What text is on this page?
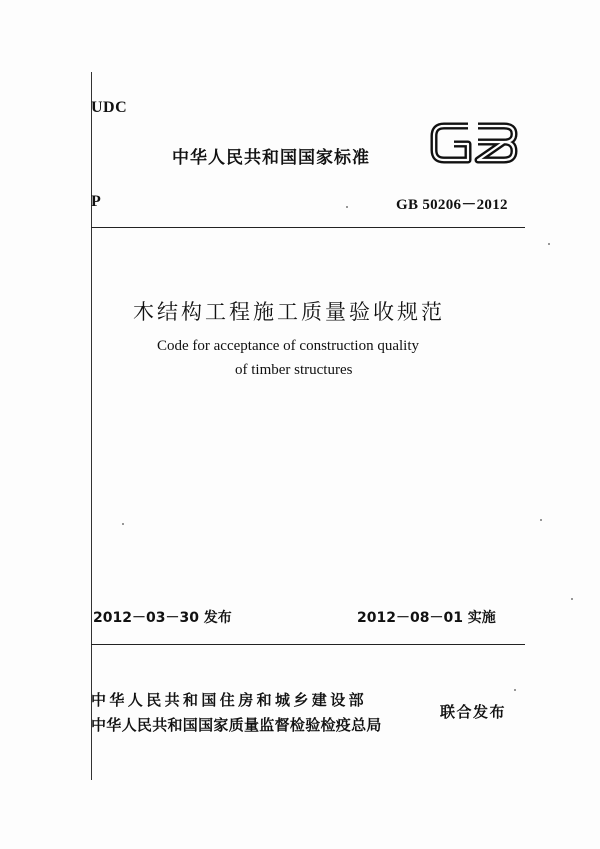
UDC
中华人民共和国国家标准
GB
P	GB 50206－2012
木结构工程施工质量验收规范
Code for acceptance of construction quality
of timber structures
2012－03－30 发布	2012－08－01 实施
中华人民共和国住房和城乡建设部
中华人民共和国国家质量监督检验检疫总局
联合发布
